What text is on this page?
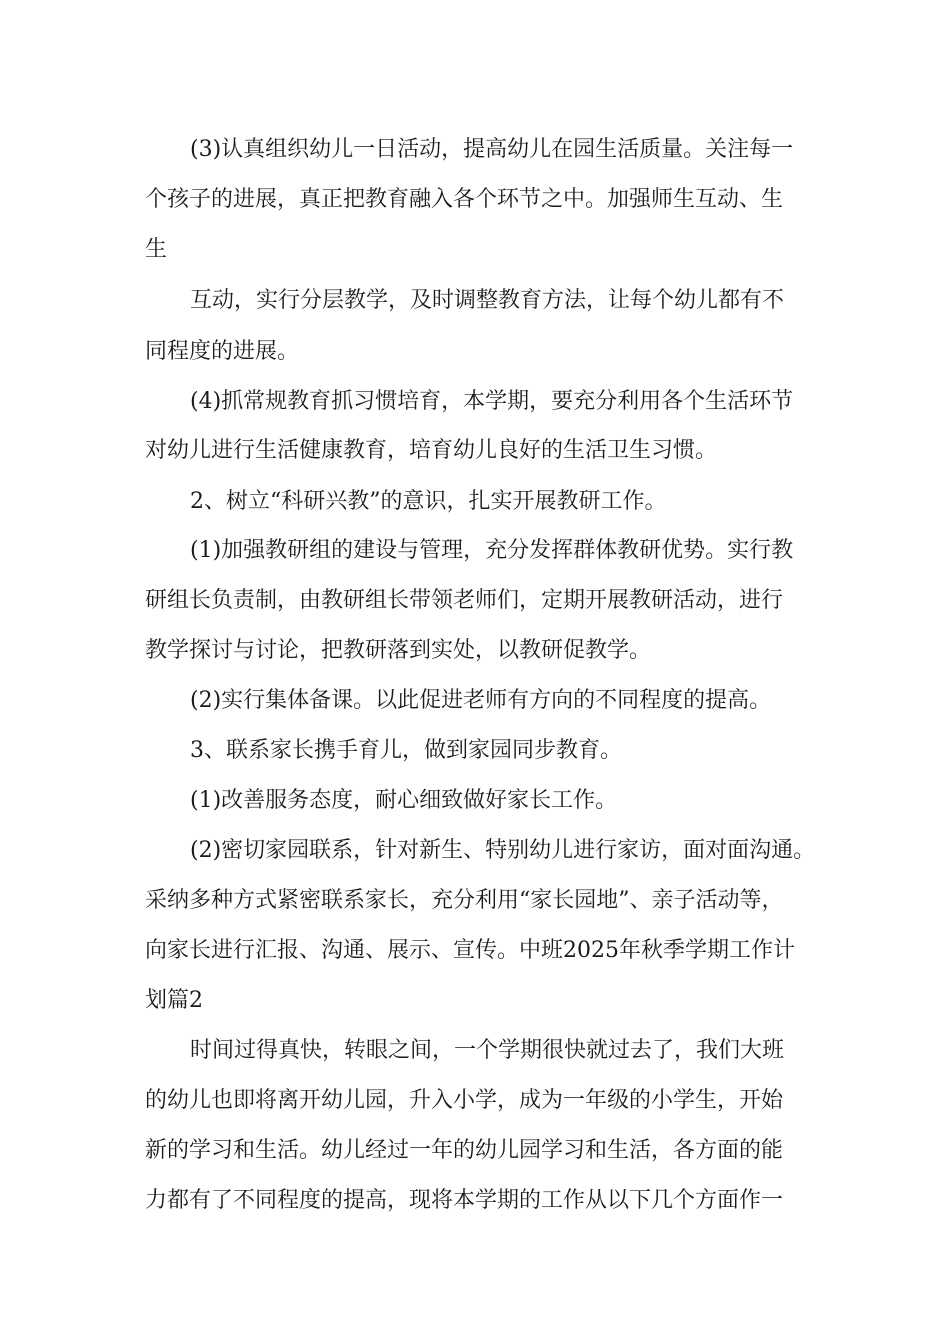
(3)认真组织幼儿一日活动，提高幼儿在园生活质量。关注每一
个孩子的进展，真正把教育融入各个环节之中。加强师生互动、生
生
互动，实行分层教学，及时调整教育方法，让每个幼儿都有不
同程度的进展。
(4)抓常规教育抓习惯培育，本学期，要充分利用各个生活环节
对幼儿进行生活健康教育，培育幼儿良好的生活卫生习惯。
2、树立“科研兴教”的意识，扎实开展教研工作。
(1)加强教研组的建设与管理，充分发挥群体教研优势。实行教
研组长负责制，由教研组长带领老师们，定期开展教研活动，进行
教学探讨与讨论，把教研落到实处，以教研促教学。
(2)实行集体备课。以此促进老师有方向的不同程度的提高。
3、联系家长携手育儿，做到家园同步教育。
(1)改善服务态度，耐心细致做好家长工作。
(2)密切家园联系，针对新生、特别幼儿进行家访，面对面沟通。
采纳多种方式紧密联系家长，充分利用“家长园地”、亲子活动等，
向家长进行汇报、沟通、展示、宣传。中班2025年秋季学期工作计
划篇2
时间过得真快，转眼之间，一个学期很快就过去了，我们大班
的幼儿也即将离开幼儿园，升入小学，成为一年级的小学生，开始
新的学习和生活。幼儿经过一年的幼儿园学习和生活，各方面的能
力都有了不同程度的提高，现将本学期的工作从以下几个方面作一
